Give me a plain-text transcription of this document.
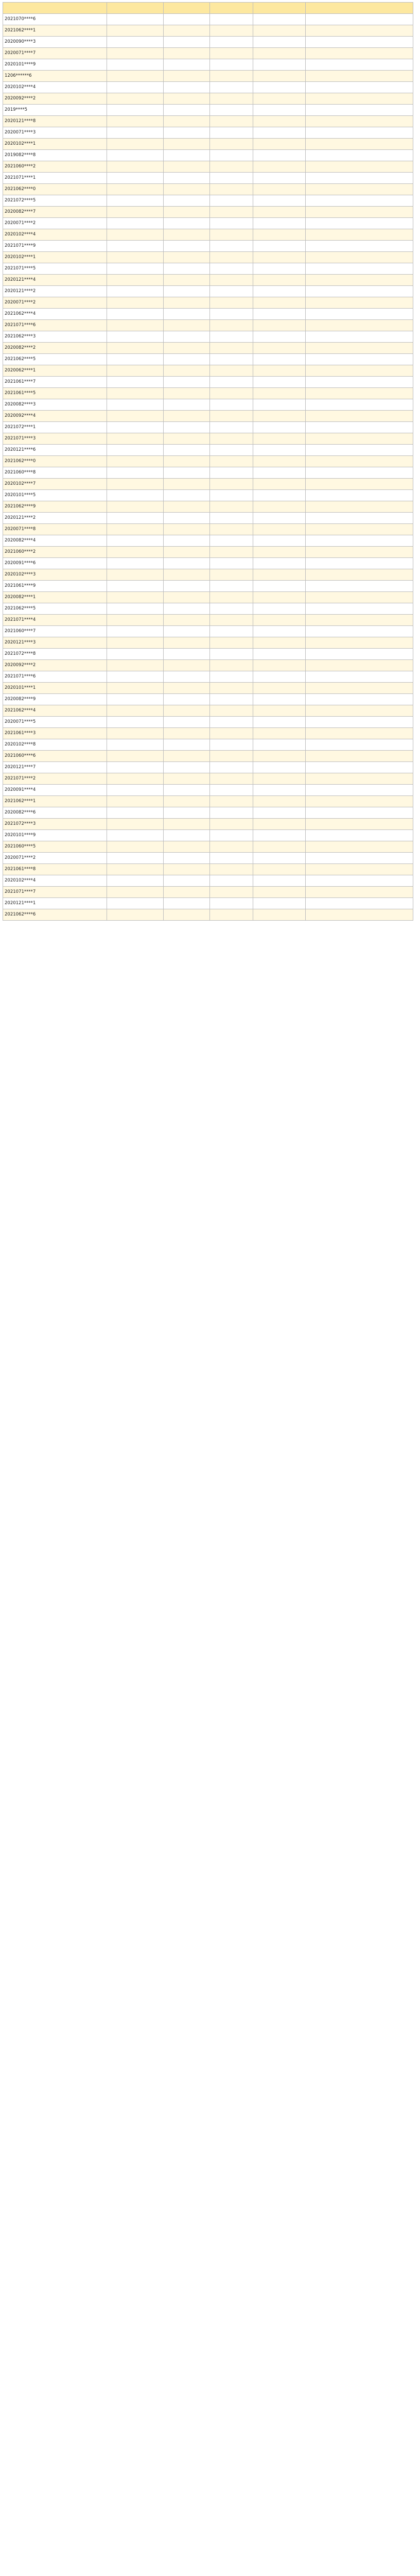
2021070****6					
2021062****1					
2020090****3					
2020071****7					
2020101****9					
1206******6					
2020102****4					
2020092****2					
2019****5					
2020121****8					
2020071****3					
2020102****1					
2019082****8					
2021060****2					
2021071****1					
2021062****0					
2021072****5					
2020082****7					
2020071****2					
2020102****4					
2021071****9					
2020102****1					
2021071****5					
2020121****4					
2020121****2					
2020071****2					
2021062****4					
2021071****6					
2021062****3					
2020082****2					
2021062****5					
2020062****1					
2021061****7					
2021061****5					
2020082****3					
2020092****4					
2021072****1					
2021071****3					
2020121****6					
2021062****0					
2021060****8					
2020102****7					
2020101****5					
2021062****9					
2020121****2					
2020071****8					
2020082****4					
2021060****2					
2020091****6					
2020102****3					
2021061****9					
2020082****1					
2021062****5					
2021071****4					
2021060****7					
2020121****3					
2021072****8					
2020092****2					
2021071****6					
2020101****1					
2020082****9					
2021062****4					
2020071****5					
2021061****3					
2020102****8					
2021060****6					
2020121****7					
2021071****2					
2020091****4					
2021062****1					
2020082****6					
2021072****3					
2020101****9					
2021060****5					
2020071****2					
2021061****8					
2020102****4					
2021071****7					
2020121****1					
2021062****6					
